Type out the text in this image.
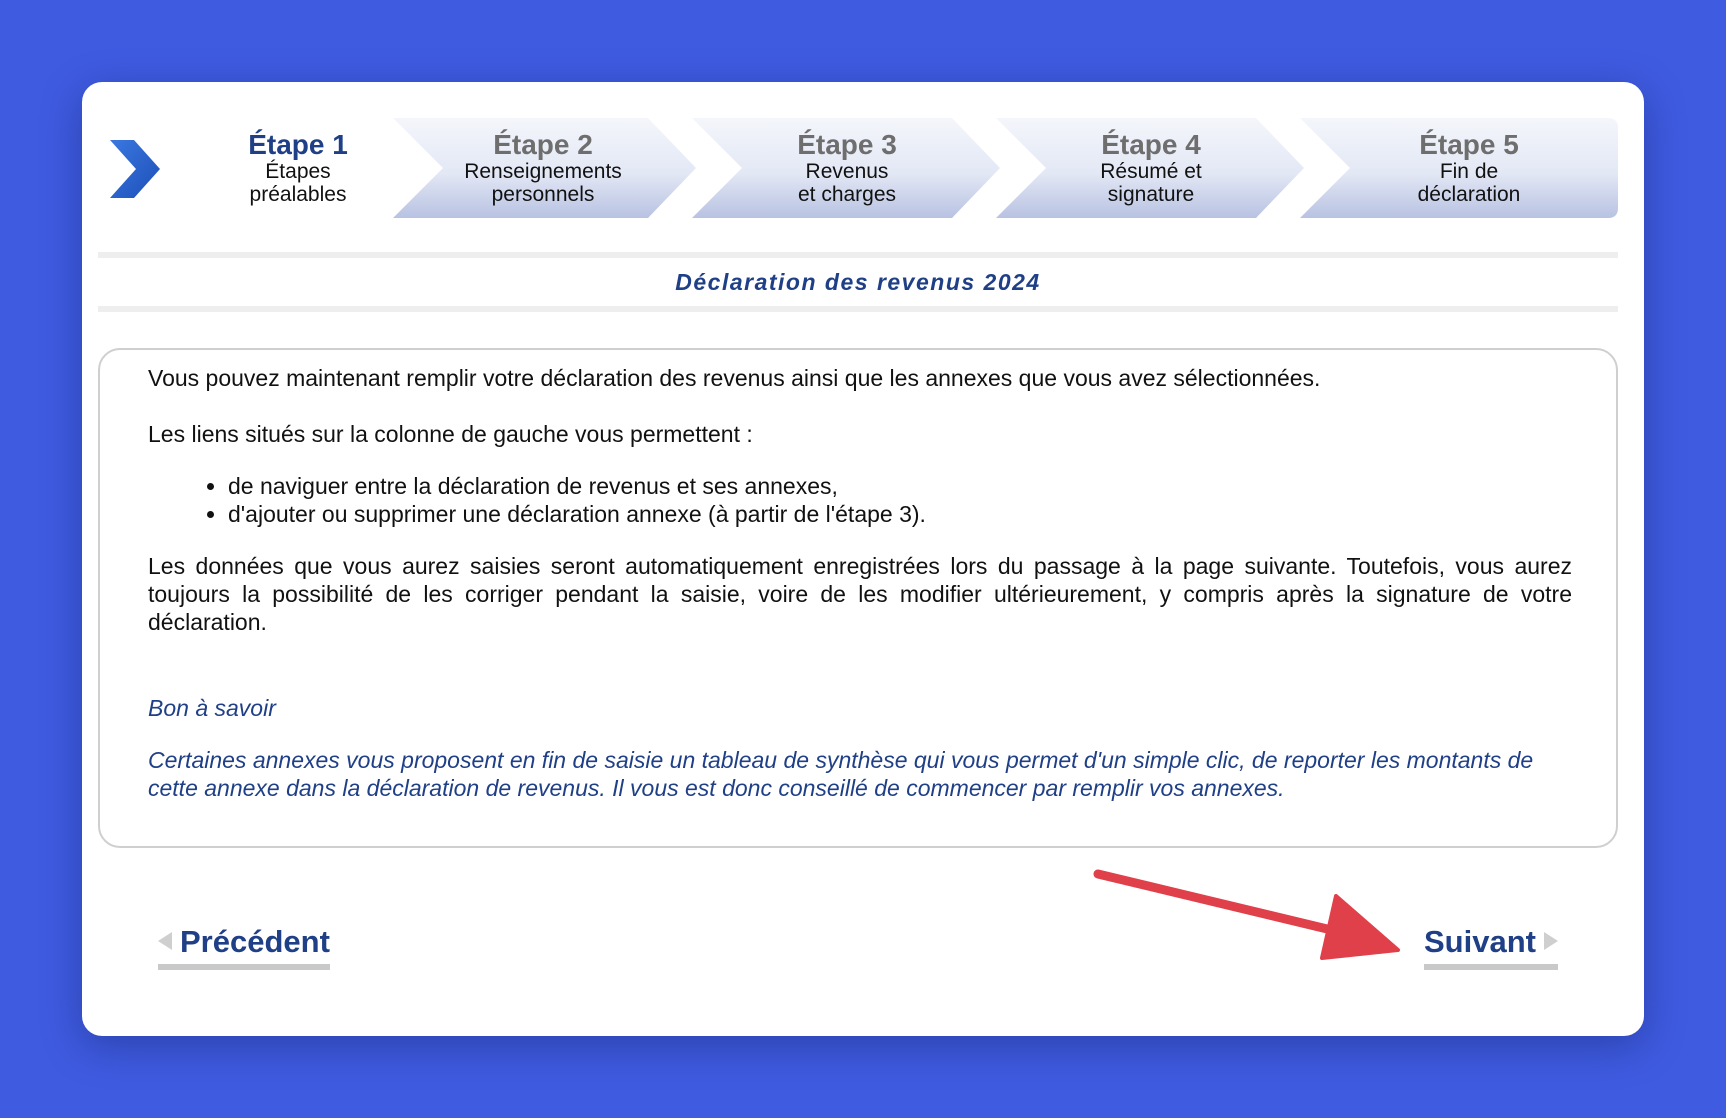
Étape 1
Étapes
préalables
Étape 2
Renseignements
personnels
Étape 3
Revenus
et charges
Étape 4
Résumé et
signature
Étape 5
Fin de
déclaration
Déclaration des revenus 2024

Vous pouvez maintenant remplir votre déclaration des revenus ainsi que les annexes que vous avez sélectionnées.

Les liens situés sur la colonne de gauche vous permettent :

• de naviguer entre la déclaration de revenus et ses annexes,
• d'ajouter ou supprimer une déclaration annexe (à partir de l'étape 3).

Les données que vous aurez saisies seront automatiquement enregistrées lors du passage à la page suivante. Toutefois, vous aurez toujours la possibilité de les corriger pendant la saisie, voire de les modifier ultérieurement, y compris après la signature de votre déclaration.

Bon à savoir

Certaines annexes vous proposent en fin de saisie un tableau de synthèse qui vous permet d'un simple clic, de reporter les montants de cette annexe dans la déclaration de revenus. Il vous est donc conseillé de commencer par remplir vos annexes.

Précédent	Suivant
